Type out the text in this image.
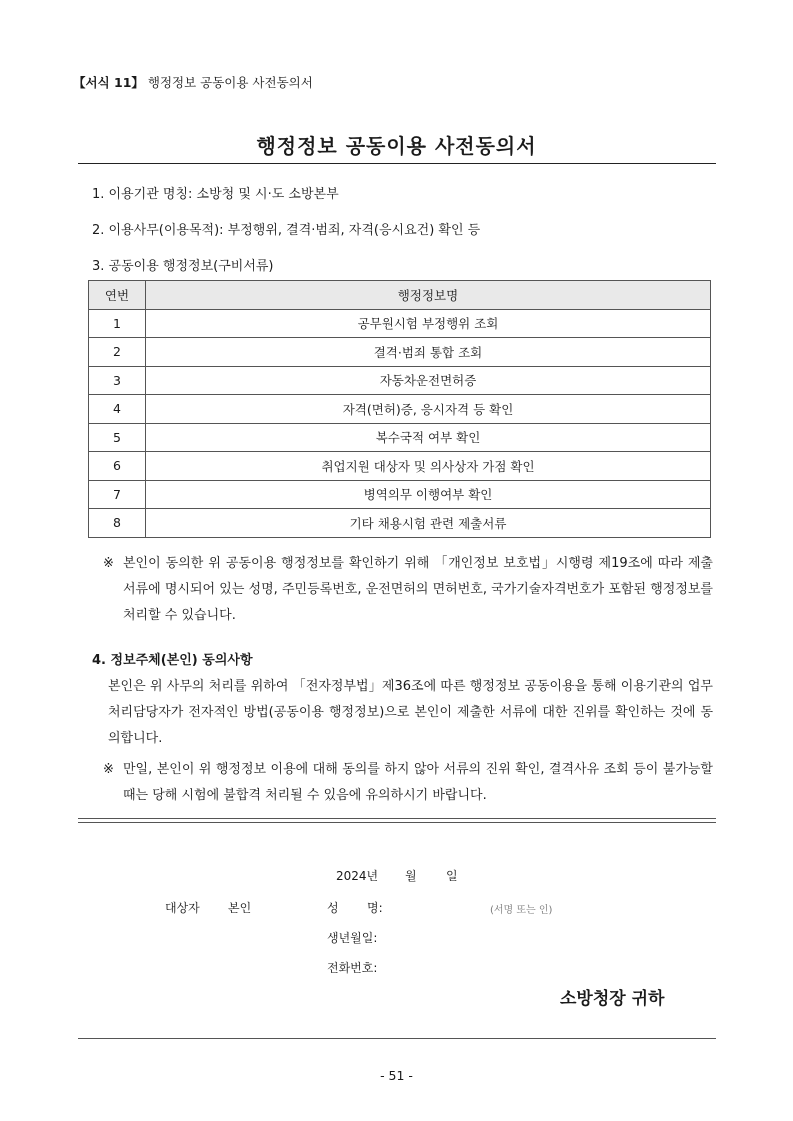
【서식 11】 행정정보 공동이용 사전동의서
행정정보 공동이용 사전동의서
1. 이용기관 명칭: 소방청 및 시·도 소방본부
2. 이용사무(이용목적): 부정행위, 결격·범죄, 자격(응시요건) 확인 등
3. 공동이용 행정정보(구비서류)
연번	행정정보명
1	공무원시험 부정행위 조회
2	결격·범죄 통합 조회
3	자동차운전면허증
4	자격(면허)증, 응시자격 등 확인
5	복수국적 여부 확인
6	취업지원 대상자 및 의사상자 가점 확인
7	병역의무 이행여부 확인
8	기타 채용시험 관련 제출서류
※ 본인이 동의한 위 공동이용 행정정보를 확인하기 위해 「개인정보 보호법」시행령 제19조에 따라 제출서류에 명시되어 있는 성명, 주민등록번호, 운전면허의 면허번호, 국가기술자격번호가 포함된 행정정보를 처리할 수 있습니다.
4. 정보주체(본인) 동의사항
본인은 위 사무의 처리를 위하여 「전자정부법」제36조에 따른 행정정보 공동이용을 통해 이용기관의 업무처리담당자가 전자적인 방법(공동이용 행정정보)으로 본인이 제출한 서류에 대한 진위를 확인하는 것에 동의합니다.
※ 만일, 본인이 위 행정정보 이용에 대해 동의를 하지 않아 서류의 진위 확인, 결격사유 조회 등이 불가능할 때는 당해 시험에 불합격 처리될 수 있음에 유의하시기 바랍니다.
2024년 월 일
대상자 본인	성 명:	(서명 또는 인)
생년월일:
전화번호:
소방청장 귀하
- 51 -
